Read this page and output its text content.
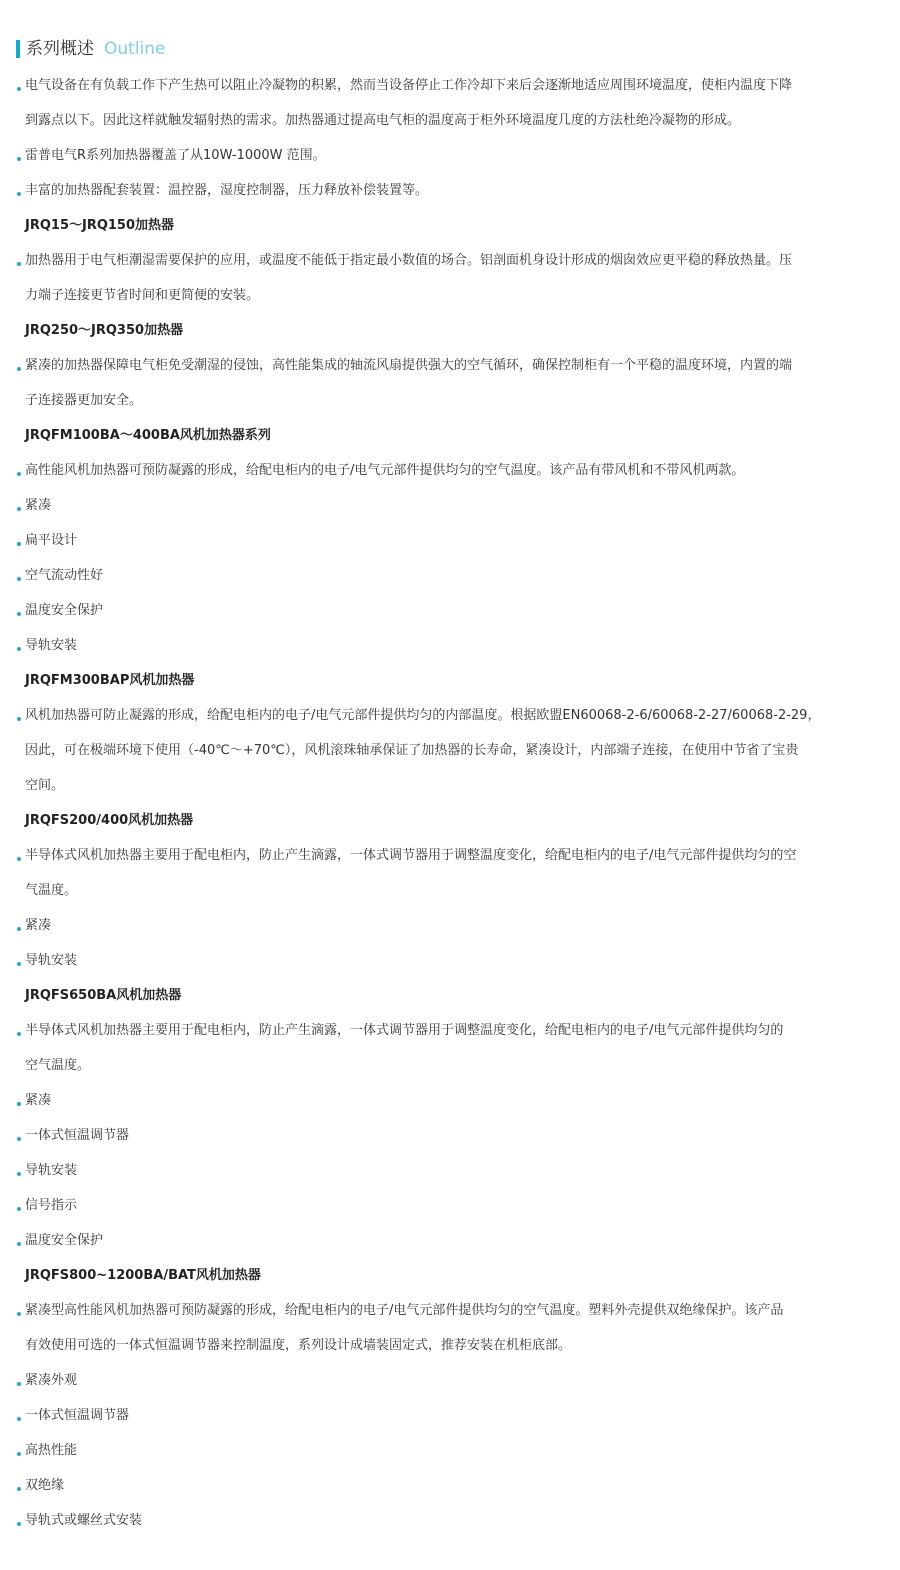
系列概述 Outline
电气设备在有负载工作下产生热可以阻止冷凝物的积累，然而当设备停止工作冷却下来后会逐渐地适应周围环境温度，使柜内温度下降
到露点以下。因此这样就触发辐射热的需求。加热器通过提高电气柜的温度高于柜外环境温度几度的方法杜绝冷凝物的形成。
雷普电气R系列加热器覆盖了从10W-1000W 范围。
丰富的加热器配套装置：温控器，湿度控制器，压力释放补偿装置等。
JRQ15～JRQ150加热器
加热器用于电气柜潮湿需要保护的应用，或温度不能低于指定最小数值的场合。铝剖面机身设计形成的烟囱效应更平稳的释放热量。压
力端子连接更节省时间和更简便的安装。
JRQ250～JRQ350加热器
紧凑的加热器保障电气柜免受潮湿的侵蚀，高性能集成的轴流风扇提供强大的空气循环，确保控制柜有一个平稳的温度环境，内置的端
子连接器更加安全。
JRQFM100BA～400BA风机加热器系列
高性能风机加热器可预防凝露的形成，给配电柜内的电子/电气元部件提供均匀的空气温度。该产品有带风机和不带风机两款。
紧凑
扁平设计
空气流动性好
温度安全保护
导轨安装
JRQFM300BAP风机加热器
风机加热器可防止凝露的形成，给配电柜内的电子/电气元部件提供均匀的内部温度。根据欧盟EN60068-2-6/60068-2-27/60068-2-29，
因此，可在极端环境下使用（-40℃～+70℃），风机滚珠轴承保证了加热器的长寿命，紧凑设计，内部端子连接，在使用中节省了宝贵
空间。
JRQFS200/400风机加热器
半导体式风机加热器主要用于配电柜内，防止产生滴露，一体式调节器用于调整温度变化，给配电柜内的电子/电气元部件提供均匀的空
气温度。
紧凑
导轨安装
JRQFS650BA风机加热器
半导体式风机加热器主要用于配电柜内，防止产生滴露，一体式调节器用于调整温度变化，给配电柜内的电子/电气元部件提供均匀的
空气温度。
紧凑
一体式恒温调节器
导轨安装
信号指示
温度安全保护
JRQFS800~1200BA/BAT风机加热器
紧凑型高性能风机加热器可预防凝露的形成，给配电柜内的电子/电气元部件提供均匀的空气温度。塑料外壳提供双绝缘保护。该产品
有效使用可选的一体式恒温调节器来控制温度，系列设计成墙装固定式，推荐安装在机柜底部。
紧凑外观
一体式恒温调节器
高热性能
双绝缘
导轨式或螺丝式安装
